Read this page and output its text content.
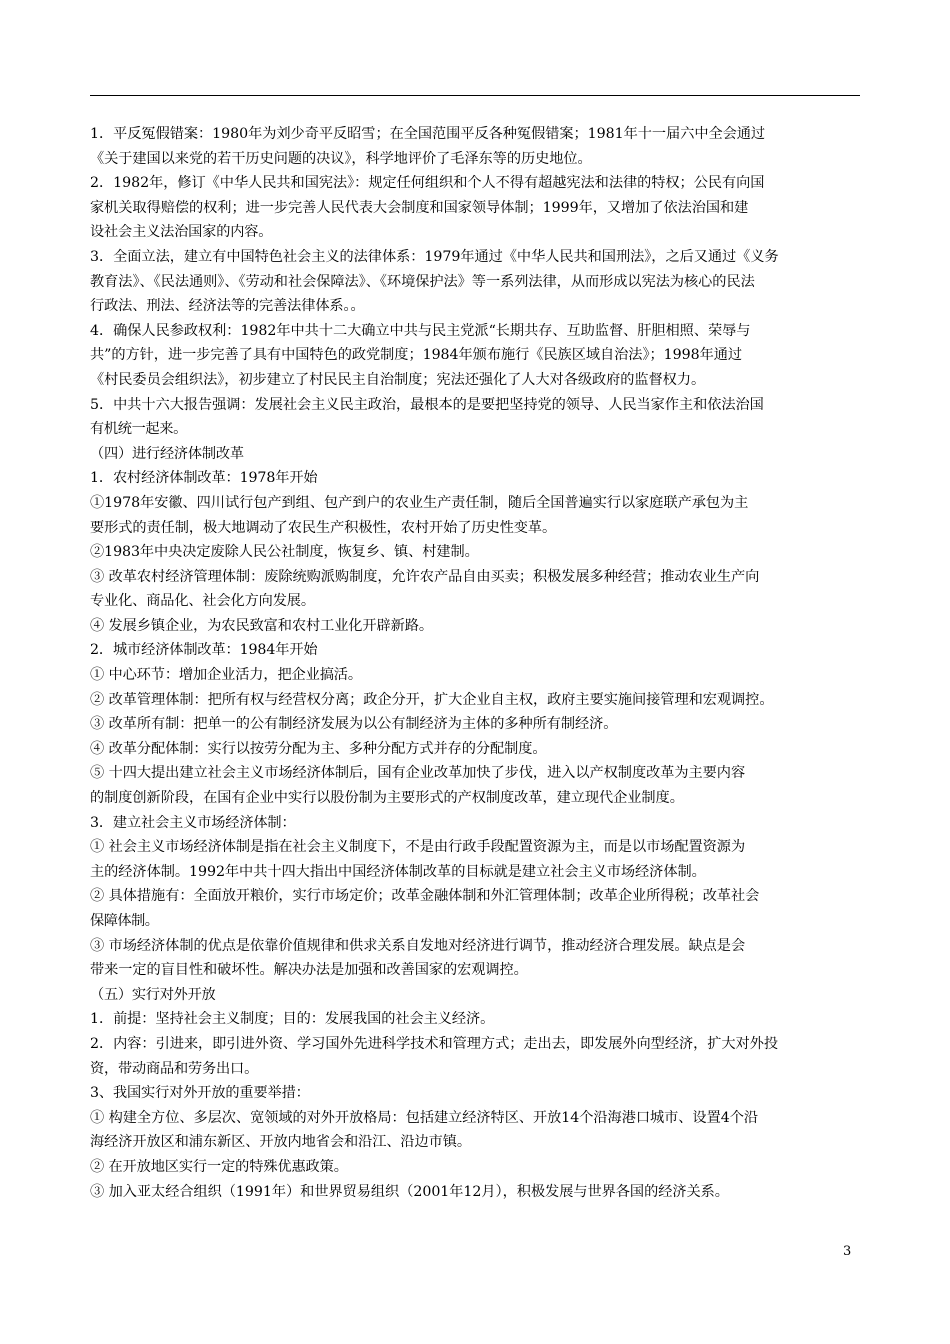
1．平反冤假错案：1980年为刘少奇平反昭雪；在全国范围平反各种冤假错案；1981年十一届六中全会通过
《关于建国以来党的若干历史问题的决议》，科学地评价了毛泽东等的历史地位。
2．1982年，修订《中华人民共和国宪法》：规定任何组织和个人不得有超越宪法和法律的特权；公民有向国
家机关取得赔偿的权利；进一步完善人民代表大会制度和国家领导体制；1999年，又增加了依法治国和建
设社会主义法治国家的内容。
3．全面立法，建立有中国特色社会主义的法律体系：1979年通过《中华人民共和国刑法》，之后又通过《义务
教育法》、《民法通则》、《劳动和社会保障法》、《环境保护法》等一系列法律，从而形成以宪法为核心的民法
行政法、刑法、经济法等的完善法律体系。。
4．确保人民参政权利：1982年中共十二大确立中共与民主党派“长期共存、互助监督、肝胆相照、荣辱与
共”的方针，进一步完善了具有中国特色的政党制度；1984年颁布施行《民族区域自治法》；1998年通过
《村民委员会组织法》，初步建立了村民民主自治制度；宪法还强化了人大对各级政府的监督权力。
5．中共十六大报告强调：发展社会主义民主政治，最根本的是要把坚持党的领导、人民当家作主和依法治国
有机统一起来。
（四）进行经济体制改革
1．农村经济体制改革：1978年开始
①1978年安徽、四川试行包产到组、包产到户的农业生产责任制，随后全国普遍实行以家庭联产承包为主
要形式的责任制，极大地调动了农民生产积极性，农村开始了历史性变革。
②1983年中央决定废除人民公社制度，恢复乡、镇、村建制。
③ 改革农村经济管理体制：废除统购派购制度，允许农产品自由买卖；积极发展多种经营；推动农业生产向
专业化、商品化、社会化方向发展。
④ 发展乡镇企业，为农民致富和农村工业化开辟新路。
2．城市经济体制改革：1984年开始
① 中心环节：增加企业活力，把企业搞活。
② 改革管理体制：把所有权与经营权分离；政企分开，扩大企业自主权，政府主要实施间接管理和宏观调控。
③ 改革所有制：把单一的公有制经济发展为以公有制经济为主体的多种所有制经济。
④ 改革分配体制：实行以按劳分配为主、多种分配方式并存的分配制度。
⑤ 十四大提出建立社会主义市场经济体制后，国有企业改革加快了步伐，进入以产权制度改革为主要内容
的制度创新阶段，在国有企业中实行以股份制为主要形式的产权制度改革，建立现代企业制度。
3．建立社会主义市场经济体制：
① 社会主义市场经济体制是指在社会主义制度下，不是由行政手段配置资源为主，而是以市场配置资源为
主的经济体制。1992年中共十四大指出中国经济体制改革的目标就是建立社会主义市场经济体制。
② 具体措施有：全面放开粮价，实行市场定价；改革金融体制和外汇管理体制；改革企业所得税；改革社会
保障体制。
③ 市场经济体制的优点是依靠价值规律和供求关系自发地对经济进行调节，推动经济合理发展。缺点是会
带来一定的盲目性和破坏性。解决办法是加强和改善国家的宏观调控。
（五）实行对外开放
1．前提：坚持社会主义制度；目的：发展我国的社会主义经济。
2．内容：引进来，即引进外资、学习国外先进科学技术和管理方式；走出去，即发展外向型经济，扩大对外投
资，带动商品和劳务出口。
3、我国实行对外开放的重要举措：
① 构建全方位、多层次、宽领域的对外开放格局：包括建立经济特区、开放14个沿海港口城市、设置4个沿
海经济开放区和浦东新区、开放内地省会和沿江、沿边市镇。
② 在开放地区实行一定的特殊优惠政策。
③ 加入亚太经合组织（1991年）和世界贸易组织（2001年12月），积极发展与世界各国的经济关系。
3
